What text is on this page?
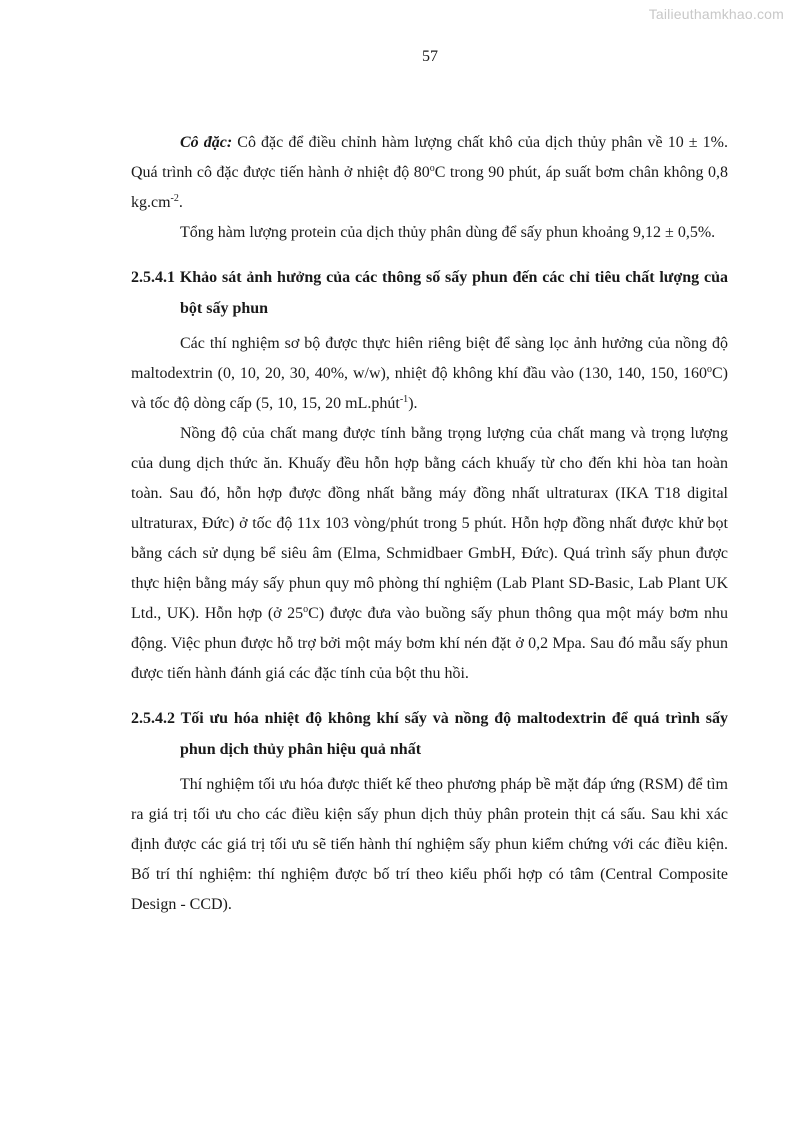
Tailieuthamkhao.com
57

Cô đặc: Cô đặc để điều chỉnh hàm lượng chất khô của dịch thủy phân về 10 ± 1%. Quá trình cô đặc được tiến hành ở nhiệt độ 80$^o$C trong 90 phút, áp suất bơm chân không 0,8 $kg.cm^{-2}$.

Tổng hàm lượng protein của dịch thủy phân dùng để sấy phun khoảng 9,12 ± 0,5%.

2.5.4.1 Khảo sát ảnh hưởng của các thông số sấy phun đến các chỉ tiêu chất lượng của bột sấy phun

Các thí nghiệm sơ bộ được thực hiên riêng biệt để sàng lọc ảnh hưởng của nồng độ maltodextrin (0, 10, 20, 30, 40%, w/w), nhiệt độ không khí đầu vào (130, 140, 150, 160$^o$C) và tốc độ dòng cấp (5, 10, 15, 20 mL.phút$^{-1}$).

Nồng độ của chất mang được tính bằng trọng lượng của chất mang và trọng lượng của dung dịch thức ăn. Khuấy đều hỗn hợp bằng cách khuấy từ cho đến khi hòa tan hoàn toàn. Sau đó, hỗn hợp được đồng nhất bằng máy đồng nhất ultraturax (IKA T18 digital ultraturax, Đức) ở tốc độ 11x 103 vòng/phút trong 5 phút. Hỗn hợp đồng nhất được khử bọt bằng cách sử dụng bể siêu âm (Elma, Schmidbaer GmbH, Đức). Quá trình sấy phun được thực hiện bằng máy sấy phun quy mô phòng thí nghiệm (Lab Plant SD-Basic, Lab Plant UK Ltd., UK). Hỗn hợp (ở 25$^o$C) được đưa vào buồng sấy phun thông qua một máy bơm nhu động. Việc phun được hỗ trợ bởi một máy bơm khí nén đặt ở 0,2 Mpa. Sau đó mẫu sấy phun được tiến hành đánh giá các đặc tính của bột thu hồi.

2.5.4.2 Tối ưu hóa nhiệt độ không khí sấy và nồng độ maltodextrin để quá trình sấy phun dịch thủy phân hiệu quả nhất

Thí nghiệm tối ưu hóa được thiết kế theo phương pháp bề mặt đáp ứng (RSM) để tìm ra giá trị tối ưu cho các điều kiện sấy phun dịch thủy phân protein thịt cá sấu. Sau khi xác định được các giá trị tối ưu sẽ tiến hành thí nghiệm sấy phun kiểm chứng với các điều kiện. Bố trí thí nghiệm: thí nghiệm được bố trí theo kiểu phối hợp có tâm (Central Composite Design - CCD).
